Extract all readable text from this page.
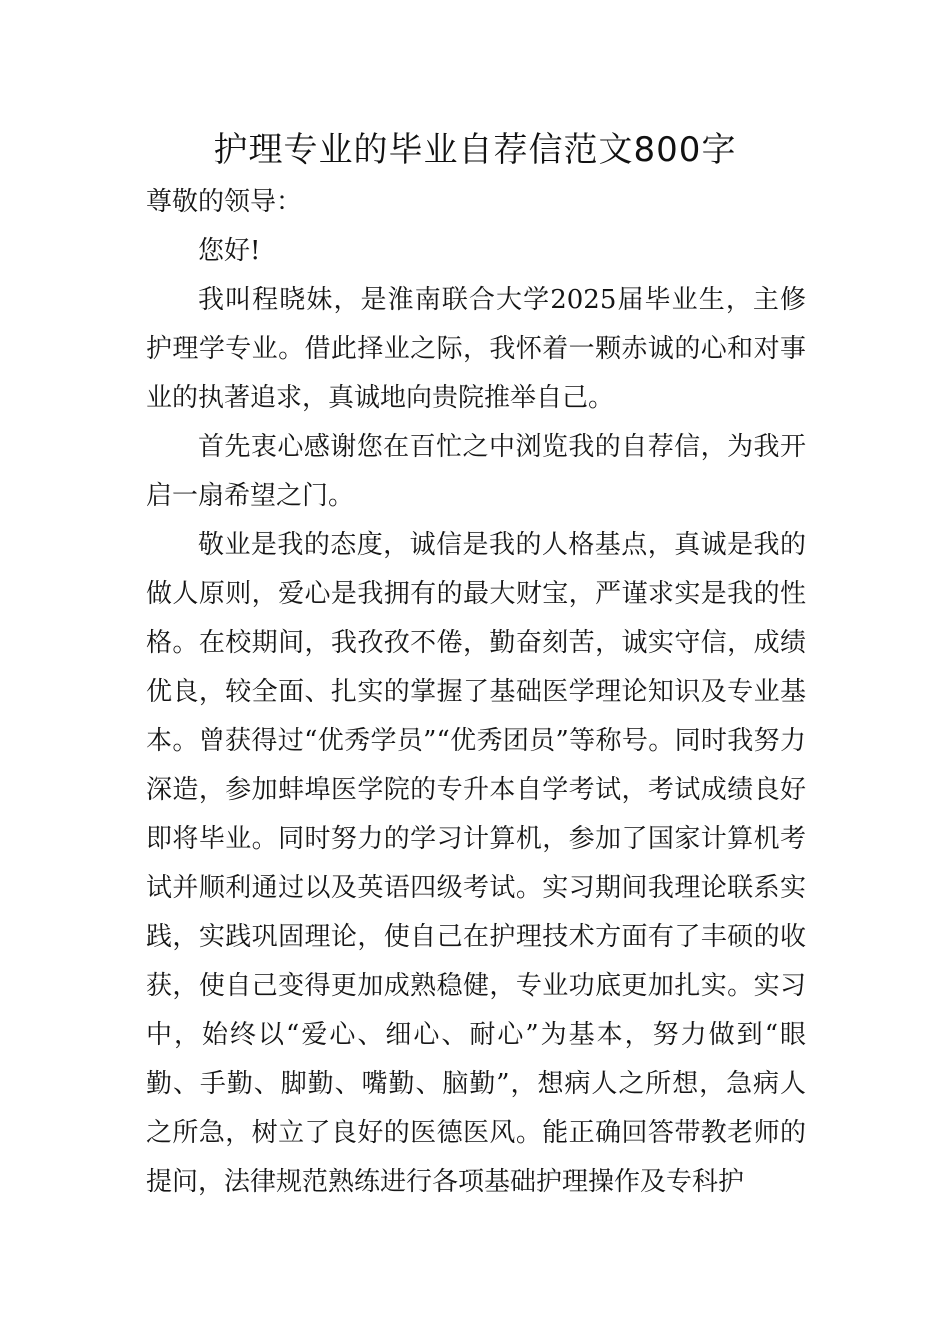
护理专业的毕业自荐信范文800字

尊敬的领导：

您好!

我叫程晓妹，是淮南联合大学2025届毕业生，主修护理学专业。借此择业之际，我怀着一颗赤诚的心和对事业的执著追求，真诚地向贵院推举自己。

首先衷心感谢您在百忙之中浏览我的自荐信，为我开启一扇希望之门。

敬业是我的态度，诚信是我的人格基点，真诚是我的做人原则，爱心是我拥有的最大财宝，严谨求实是我的性格。在校期间，我孜孜不倦，勤奋刻苦，诚实守信，成绩优良，较全面、扎实的掌握了基础医学理论知识及专业基本。曾获得过“优秀学员”“优秀团员”等称号。同时我努力深造，参加蚌埠医学院的专升本自学考试，考试成绩良好即将毕业。同时努力的学习计算机，参加了国家计算机考试并顺利通过以及英语四级考试。实习期间我理论联系实践，实践巩固理论，使自己在护理技术方面有了丰硕的收获，使自己变得更加成熟稳健，专业功底更加扎实。实习中，始终以“爱心、细心、耐心”为基本，努力做到“眼勤、手勤、脚勤、嘴勤、脑勤”，想病人之所想，急病人之所急，树立了良好的医德医风。能正确回答带教老师的提问，法律规范熟练进行各项基础护理操作及专科护
